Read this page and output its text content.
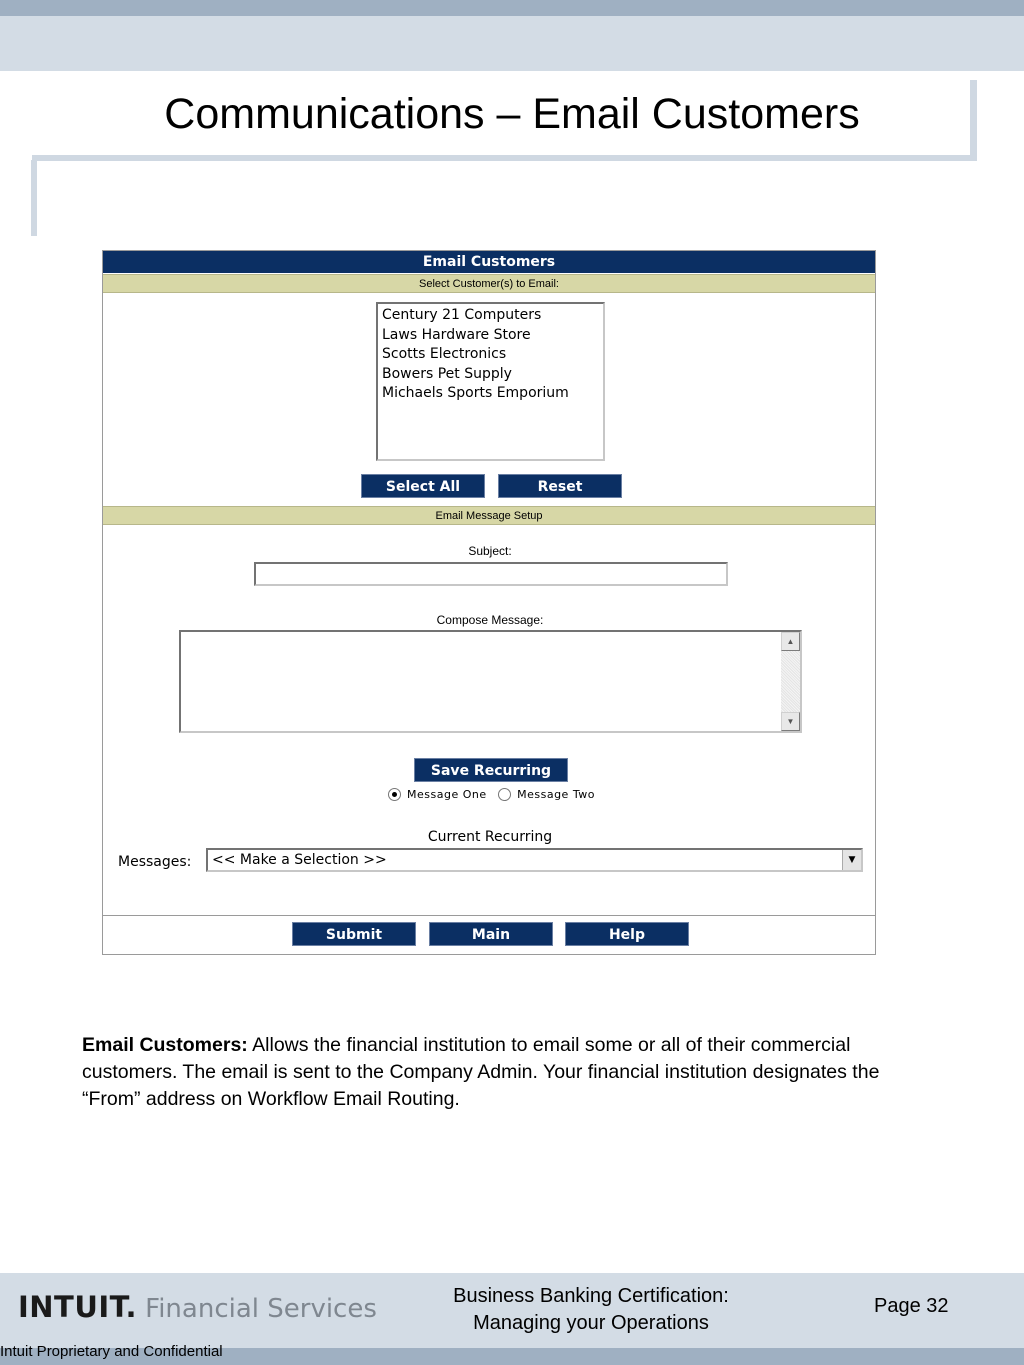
Communications – Email Customers
Email Customers
Select Customer(s) to Email:
Century 21 Computers
Laws Hardware Store
Scotts Electronics
Bowers Pet Supply
Michaels Sports Emporium
Select All	Reset
Email Message Setup
Subject:
Compose Message:
▲
▼
Save Recurring
Message One	Message Two
Current Recurring
Messages:	<< Make a Selection >>	▼
Submit	Main	Help
Email Customers: Allows the financial institution to email some or all of their commercial customers. The email is sent to the Company Admin. Your financial institution designates the “From” address on Workflow Email Routing.
INTUIT. Financial Services	Business Banking Certification:
Managing your Operations
Page 32
Intuit Proprietary and Confidential
